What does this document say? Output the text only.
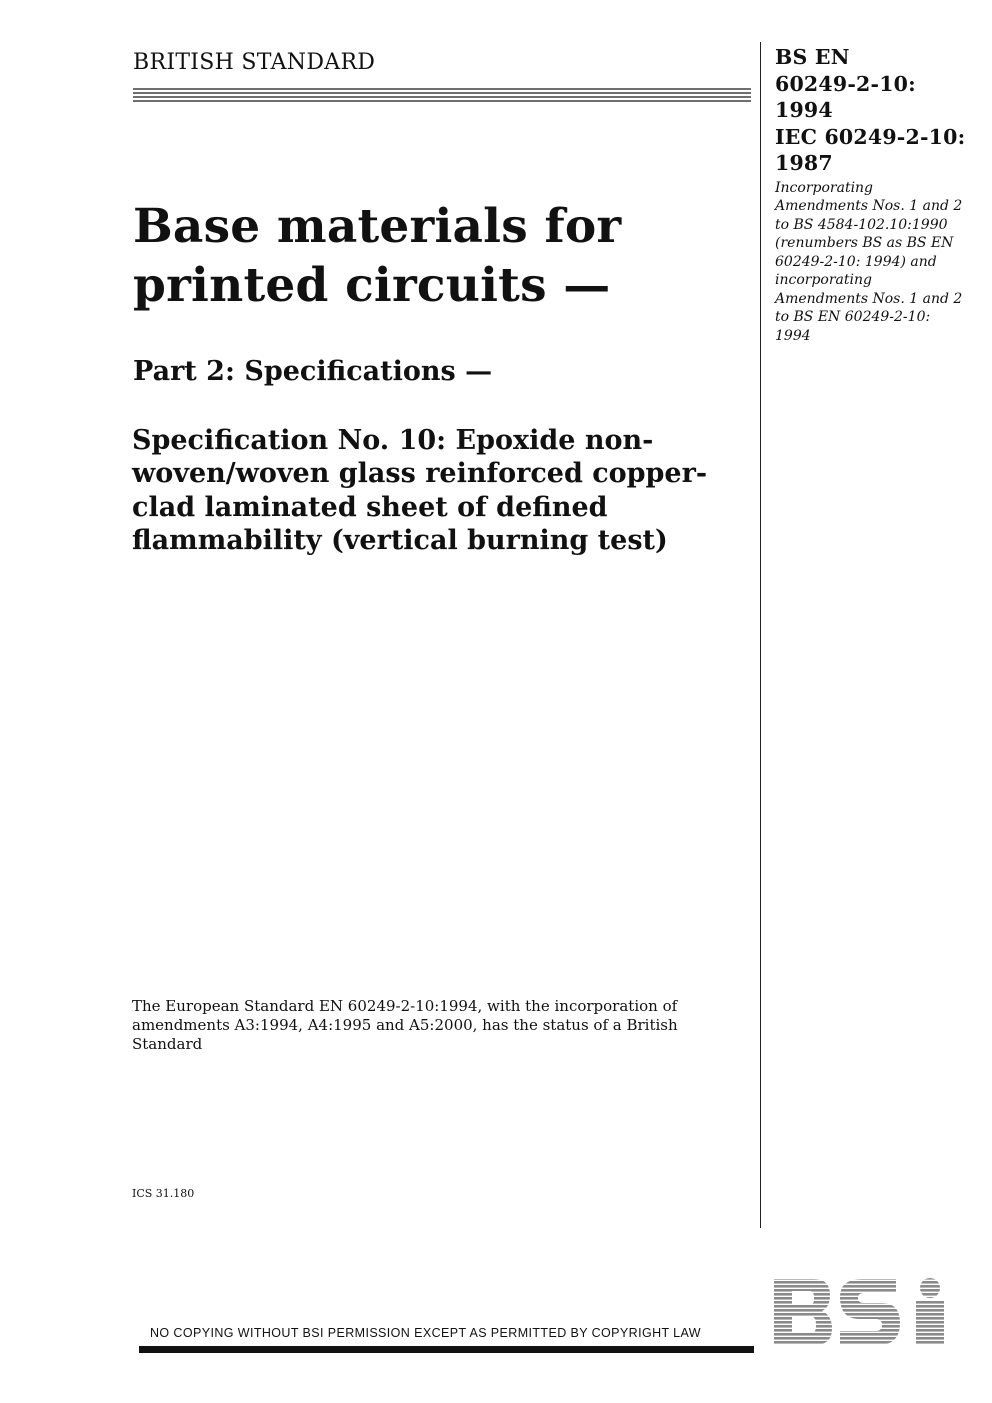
BRITISH STANDARD	BS EN
60249-2-10:
1994
IEC 60249-2-10:
1987
Incorporating Amendments Nos. 1 and 2 to BS 4584-102.10:1990 (renumbers BS as BS EN 60249-2-10: 1994) and incorporating Amendments Nos. 1 and 2 to BS EN 60249-2-10: 1994
Base materials for printed circuits —
Part 2: Specifications —
Specification No. 10: Epoxide non-woven/woven glass reinforced copper-clad laminated sheet of defined flammability (vertical burning test)
The European Standard EN 60249-2-10:1994, with the incorporation of amendments A3:1994, A4:1995 and A5:2000, has the status of a British Standard
ICS 31.180
NO COPYING WITHOUT BSI PERMISSION EXCEPT AS PERMITTED BY COPYRIGHT LAW
